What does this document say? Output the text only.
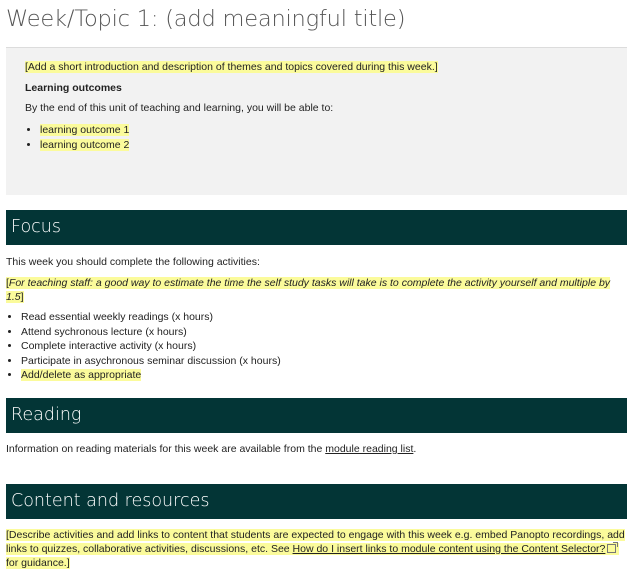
Week/Topic 1: (add meaningful title)

[Add a short introduction and description of themes and topics covered during this week.]

Learning outcomes

By the end of this unit of teaching and learning, you will be able to:

• learning outcome 1
• learning outcome 2
Focus

This week you should complete the following activities:

[For teaching staff: a good way to estimate the time the self study tasks will take is to complete the activity yourself and multiple by 1.5]

• Read essential weekly readings (x hours)
• Attend sychronous lecture (x hours)
• Complete interactive activity (x hours)
• Participate in asychronous seminar discussion (x hours)
• Add/delete as appropriate
Reading

Information on reading materials for this week are available from the module reading list.

Content and resources

[Describe activities and add links to content that students are expected to engage with this week e.g. embed Panopto recordings, add links to quizzes, collaborative activities, discussions, etc. See How do I insert links to module content using the Content Selector? for guidance.]
